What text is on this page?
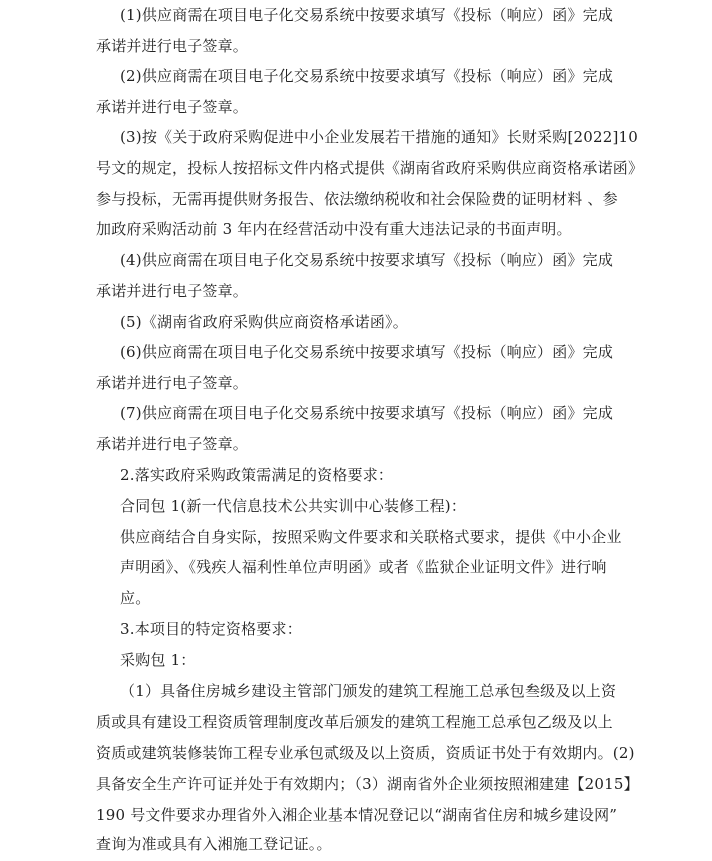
(1)供应商需在项目电子化交易系统中按要求填写《投标（响应）函》完成
承诺并进行电子签章。
(2)供应商需在项目电子化交易系统中按要求填写《投标（响应）函》完成
承诺并进行电子签章。
(3)按《关于政府采购促进中小企业发展若干措施的通知》长财采购[2022]10
号文的规定，投标人按招标文件内格式提供《湖南省政府采购供应商资格承诺函》
参与投标，无需再提供财务报告、依法缴纳税收和社会保险费的证明材料 、参
加政府采购活动前 3 年内在经营活动中没有重大违法记录的书面声明。
(4)供应商需在项目电子化交易系统中按要求填写《投标（响应）函》完成
承诺并进行电子签章。
(5)《湖南省政府采购供应商资格承诺函》。
(6)供应商需在项目电子化交易系统中按要求填写《投标（响应）函》完成
承诺并进行电子签章。
(7)供应商需在项目电子化交易系统中按要求填写《投标（响应）函》完成
承诺并进行电子签章。
2.落实政府采购政策需满足的资格要求：
合同包 1(新一代信息技术公共实训中心装修工程)：
供应商结合自身实际，按照采购文件要求和关联格式要求，提供《中小企业
声明函》、《残疾人福利性单位声明函》或者《监狱企业证明文件》进行响
应。
3.本项目的特定资格要求：
采购包 1：
（1）具备住房城乡建设主管部门颁发的建筑工程施工总承包叁级及以上资
质或具有建设工程资质管理制度改革后颁发的建筑工程施工总承包乙级及以上
资质或建筑装修装饰工程专业承包贰级及以上资质，资质证书处于有效期内。(2)
具备安全生产许可证并处于有效期内；（3）湖南省外企业须按照湘建建【2015】
190 号文件要求办理省外入湘企业基本情况登记以“湖南省住房和城乡建设网”
查询为准或具有入湘施工登记证。。
